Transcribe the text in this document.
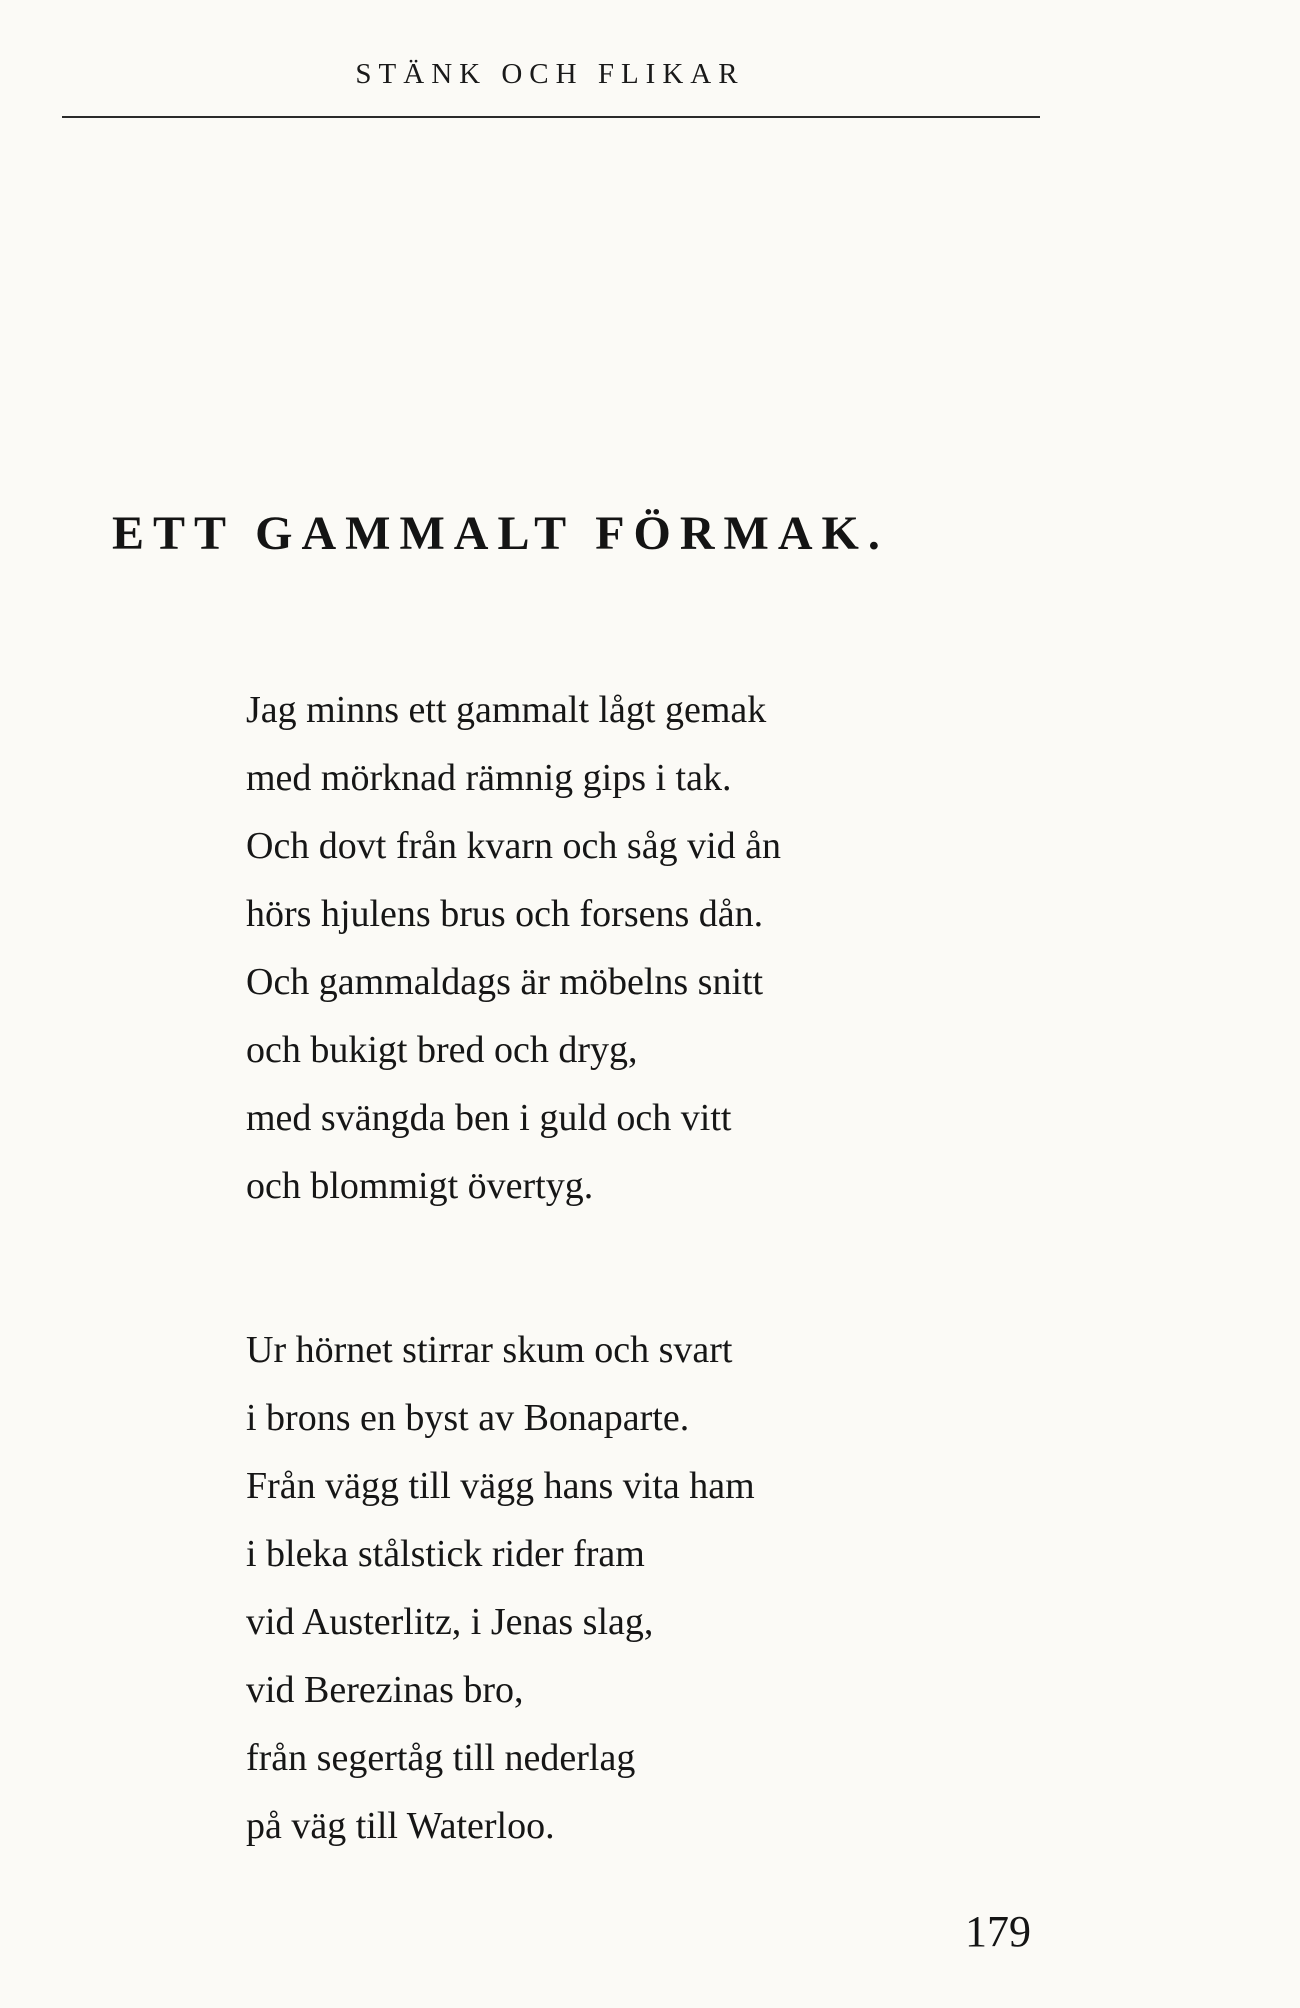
STÄNK OCH FLIKAR
ETT GAMMALT FÖRMAK.
Jag minns ett gammalt lågt gemak
med mörknad rämnig gips i tak.
Och dovt från kvarn och såg vid ån
hörs hjulens brus och forsens dån.
Och gammaldags är möbelns snitt
och bukigt bred och dryg,
med svängda ben i guld och vitt
och blommigt övertyg.
Ur hörnet stirrar skum och svart
i brons en byst av Bonaparte.
Från vägg till vägg hans vita ham
i bleka stålstick rider fram
vid Austerlitz, i Jenas slag,
vid Berezinas bro,
från segertåg till nederlag
på väg till Waterloo.
179
